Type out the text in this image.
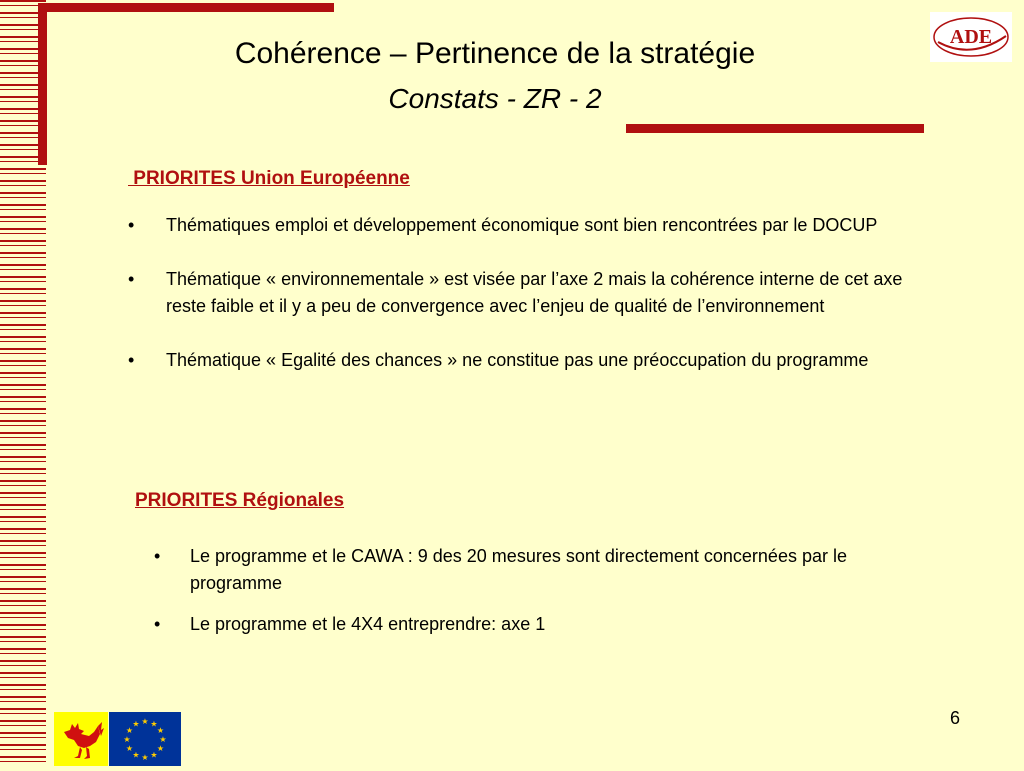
Cohérence – Pertinence de la stratégie
Constats - ZR - 2
ADE
PRIORITES Union Européenne
• Thématiques emploi et développement économique sont bien rencontrées par le DOCUP
• Thématique « environnementale » est visée par l’axe 2 mais la cohérence interne de cet axe reste faible et il y a peu de convergence avec l’enjeu de qualité de l’environnement
• Thématique « Egalité des chances » ne constitue pas une préoccupation du programme
PRIORITES Régionales
• Le programme et le CAWA : 9 des 20 mesures sont directement concernées par le programme
• Le programme et le 4X4 entreprendre: axe 1
★ ★
★
★
★
★
★
★
★
★
★
★	6
